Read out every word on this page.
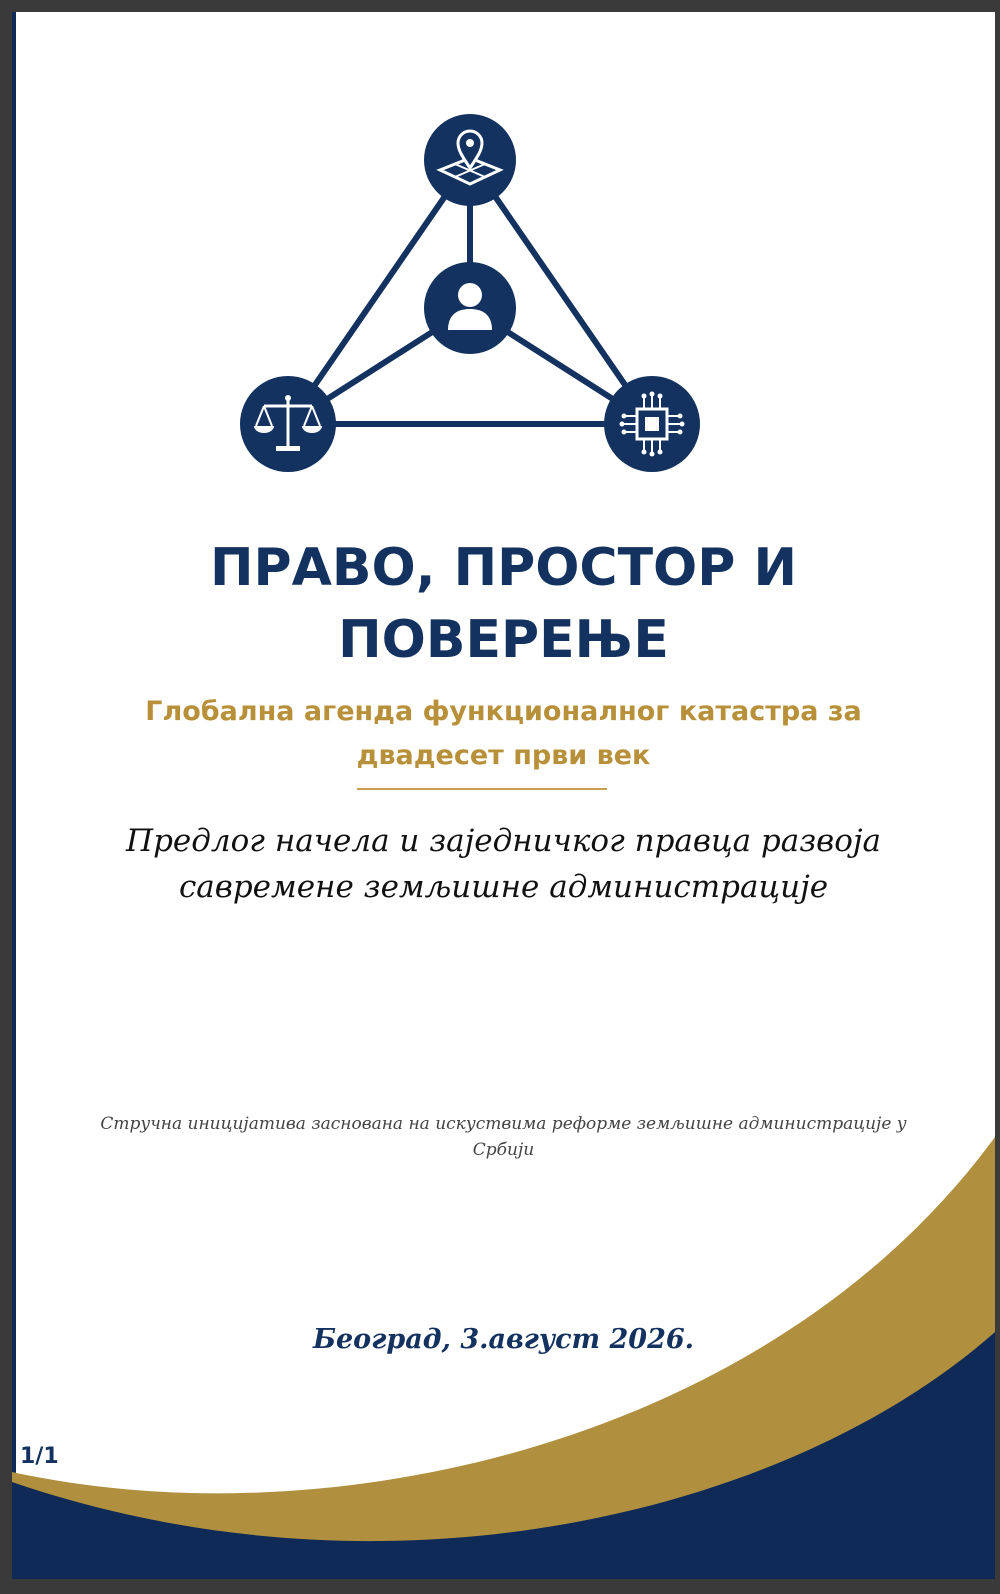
ПРАВО, ПРОСТОР И
ПОВЕРЕЊЕ
Глобална агенда функционалног катастра за
двадесет први век
Предлог начела и заједничког правца развоја
савремене земљишне администрације
Стручна иницијатива заснована на искуствима реформе земљишне администрације у
Србији
Београд, 3.август 2026.
1/1
